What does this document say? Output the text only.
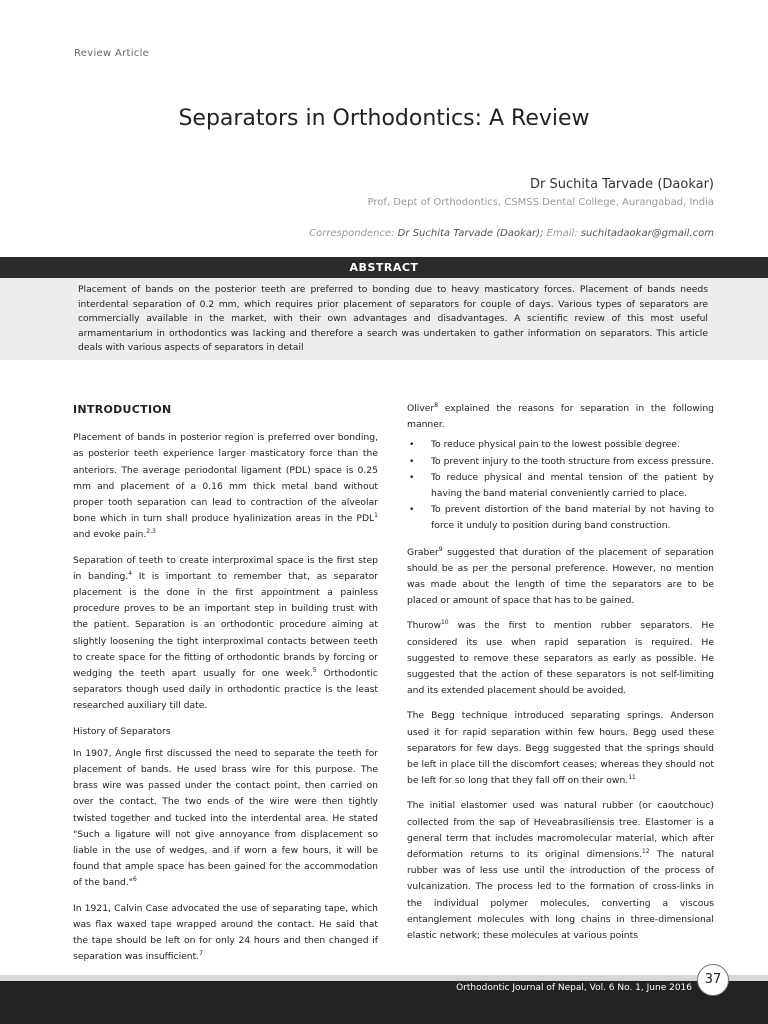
Review Article
Separators in Orthodontics: A Review
Dr Suchita Tarvade (Daokar)
Prof, Dept of Orthodontics, CSMSS Dental College, Aurangabad, India
Correspondence: Dr Suchita Tarvade (Daokar); Email: suchitadaokar@gmail.com
ABSTRACT
Placement of bands on the posterior teeth are preferred to bonding due to heavy masticatory forces. Placement of bands needs interdental separation of 0.2 mm, which requires prior placement of separators for couple of days. Various types of separators are commercially available in the market, with their own advantages and disadvantages. A scientific review of this most useful armamentarium in orthodontics was lacking and therefore a search was undertaken to gather information on separators. This article deals with various aspects of separators in detail
INTRODUCTION

Placement of bands in posterior region is preferred over bonding, as posterior teeth experience larger masticatory force than the anteriors. The average periodontal ligament (PDL) space is 0.25 mm and placement of a 0.16 mm thick metal band without proper tooth separation can lead to contraction of the alveolar bone which in turn shall produce hyalinization areas in the PDL$^1$ and evoke pain.$^{2,3}$

Separation of teeth to create interproximal space is the first step in banding.$^4$ It is important to remember that, as separator placement is the done in the first appointment a painless procedure proves to be an important step in building trust with the patient. Separation is an orthodontic procedure aiming at slightly loosening the tight interproximal contacts between teeth to create space for the fitting of orthodontic brands by forcing or wedging the teeth apart usually for one week.$^5$ Orthodontic separators though used daily in orthodontic practice is the least researched auxiliary till date.

History of Separators

In 1907, Angle first discussed the need to separate the teeth for placement of bands. He used brass wire for this purpose. The brass wire was passed under the contact point, then carried on over the contact. The two ends of the wire were then tightly twisted together and tucked into the interdental area. He stated "Such a ligature will not give annoyance from displacement so liable in the use of wedges, and if worn a few hours, it will be found that ample space has been gained for the accommodation of the band."$^6$

In 1921, Calvin Case advocated the use of separating tape, which was flax waxed tape wrapped around the contact. He said that the tape should be left on for only 24 hours and then changed if separation was insufficient.$^7$

Oliver$^8$ explained the reasons for separation in the following manner.

• To reduce physical pain to the lowest possible degree.
• To prevent injury to the tooth structure from excess pressure.
• To reduce physical and mental tension of the patient by having the band material conveniently carried to place.
• To prevent distortion of the band material by not having to force it unduly to position during band construction.

Graber$^9$ suggested that duration of the placement of separation should be as per the personal preference. However, no mention was made about the length of time the separators are to be placed or amount of space that has to be gained.

Thurow$^{10}$ was the first to mention rubber separators. He considered its use when rapid separation is required. He suggested to remove these separators as early as possible. He suggested that the action of these separators is not self-limiting and its extended placement should be avoided.

The Begg technique introduced separating springs. Anderson used it for rapid separation within few hours. Begg used these separators for few days. Begg suggested that the springs should be left in place till the discomfort ceases; whereas they should not be left for so long that they fall off on their own.$^{11}$

The initial elastomer used was natural rubber (or caoutchouc) collected from the sap of Heveabrasiliensis tree. Elastomer is a general term that includes macromolecular material, which after deformation returns to its original dimensions.$^{12}$ The natural rubber was of less use until the introduction of the process of vulcanization. The process led to the formation of cross-links in the individual polymer molecules, converting a viscous entanglement molecules with long chains in three-dimensional elastic network; these molecules at various points

Orthodontic Journal of Nepal, Vol. 6 No. 1, June 2016
37
